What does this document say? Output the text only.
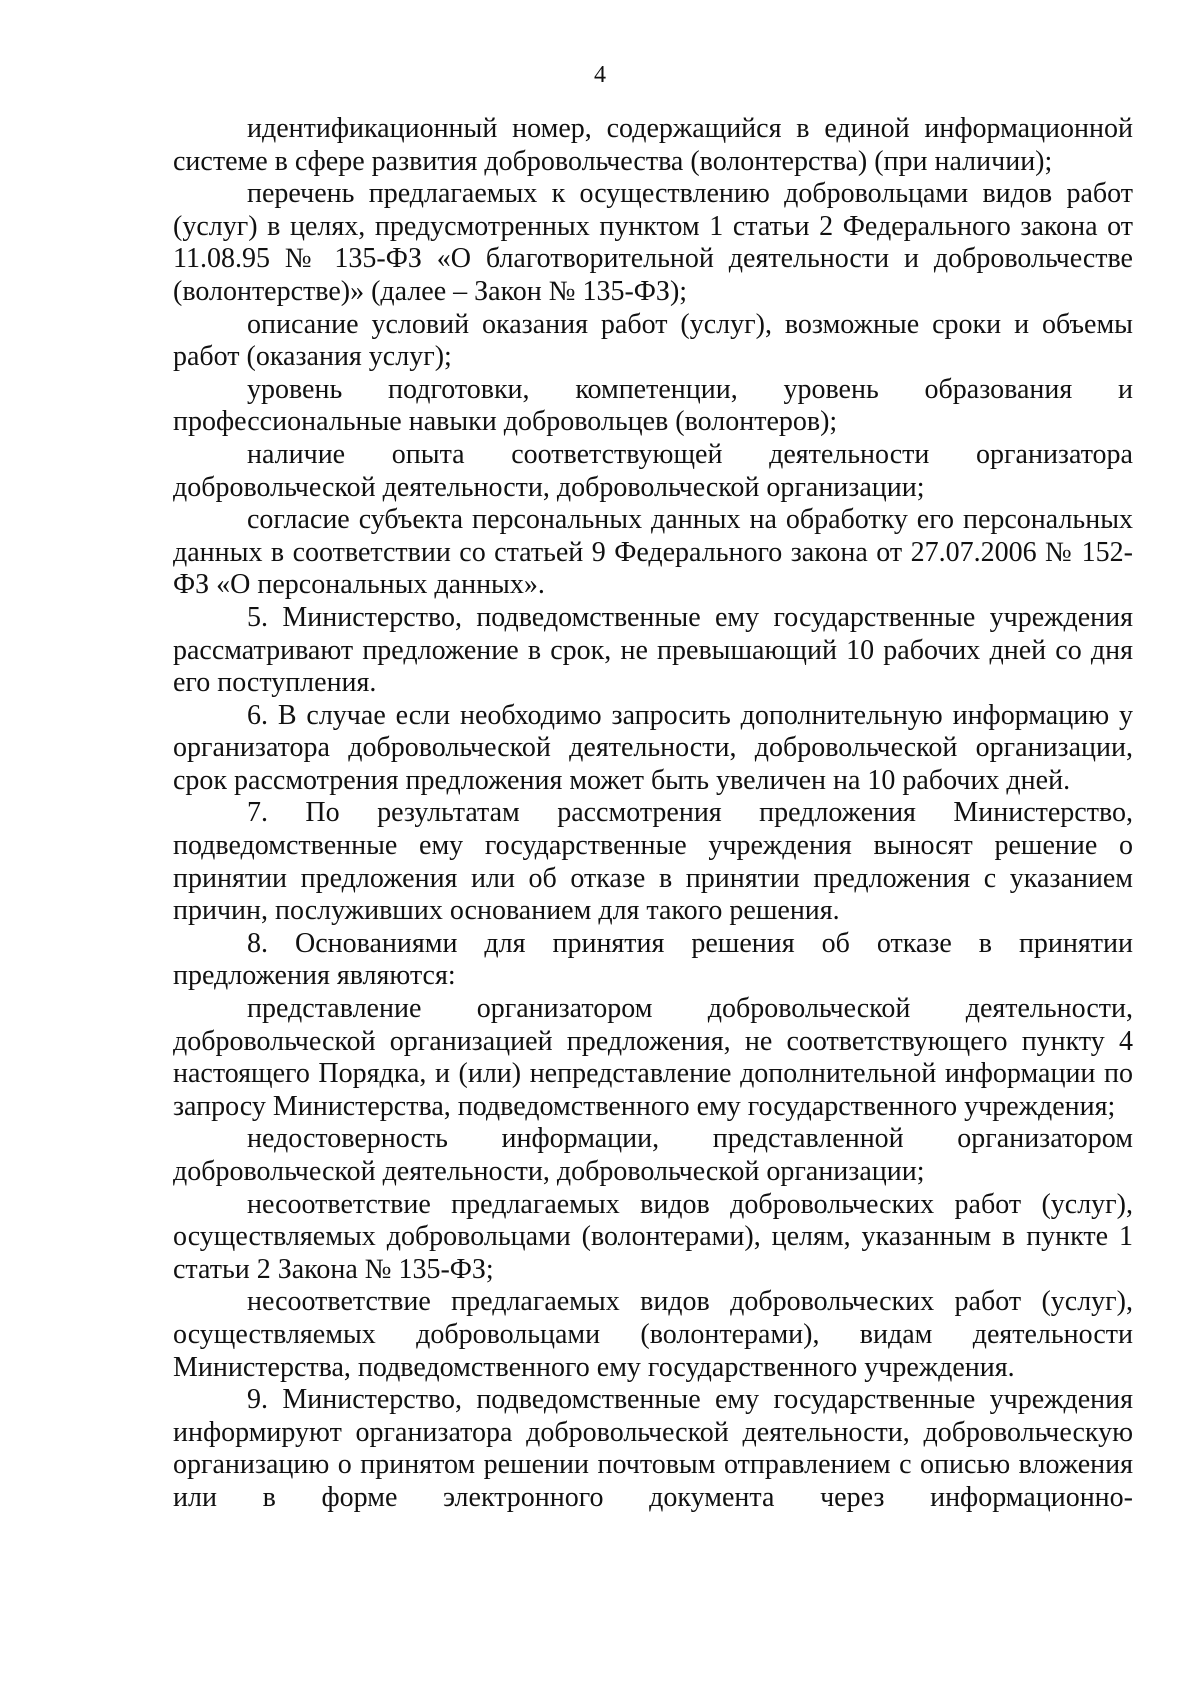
4

идентификационный номер, содержащийся в единой информационной системе в сфере развития добровольчества (волонтерства) (при наличии);

перечень предлагаемых к осуществлению добровольцами видов работ (услуг) в целях, предусмотренных пунктом 1 статьи 2 Федерального закона от 11.08.95 № 135-ФЗ «О благотворительной деятельности и добровольчестве (волонтерстве)» (далее – Закон № 135-ФЗ);

описание условий оказания работ (услуг), возможные сроки и объемы работ (оказания услуг);

уровень подготовки, компетенции, уровень образования и профессиональные навыки добровольцев (волонтеров);

наличие опыта соответствующей деятельности организатора добровольческой деятельности, добровольческой организации;

согласие субъекта персональных данных на обработку его персональных данных в соответствии со статьей 9 Федерального закона от 27.07.2006 № 152-ФЗ «О персональных данных».

5. Министерство, подведомственные ему государственные учреждения рассматривают предложение в срок, не превышающий 10 рабочих дней со дня его поступления.

6. В случае если необходимо запросить дополнительную информацию у организатора добровольческой деятельности, добровольческой организации, срок рассмотрения предложения может быть увеличен на 10 рабочих дней.

7. По результатам рассмотрения предложения Министерство, подведомственные ему государственные учреждения выносят решение о принятии предложения или об отказе в принятии предложения с указанием причин, послуживших основанием для такого решения.

8. Основаниями для принятия решения об отказе в принятии предложения являются:

представление организатором добровольческой деятельности, добровольческой организацией предложения, не соответствующего пункту 4 настоящего Порядка, и (или) непредставление дополнительной информации по запросу Министерства, подведомственного ему государственного учреждения;

недостоверность информации, представленной организатором добровольческой деятельности, добровольческой организации;

несоответствие предлагаемых видов добровольческих работ (услуг), осуществляемых добровольцами (волонтерами), целям, указанным в пункте 1 статьи 2 Закона № 135-ФЗ;

несоответствие предлагаемых видов добровольческих работ (услуг), осуществляемых добровольцами (волонтерами), видам деятельности Министерства, подведомственного ему государственного учреждения.

9. Министерство, подведомственные ему государственные учреждения информируют организатора добровольческой деятельности, добровольческую организацию о принятом решении почтовым отправлением с описью вложения или в форме электронного документа через информационно-
